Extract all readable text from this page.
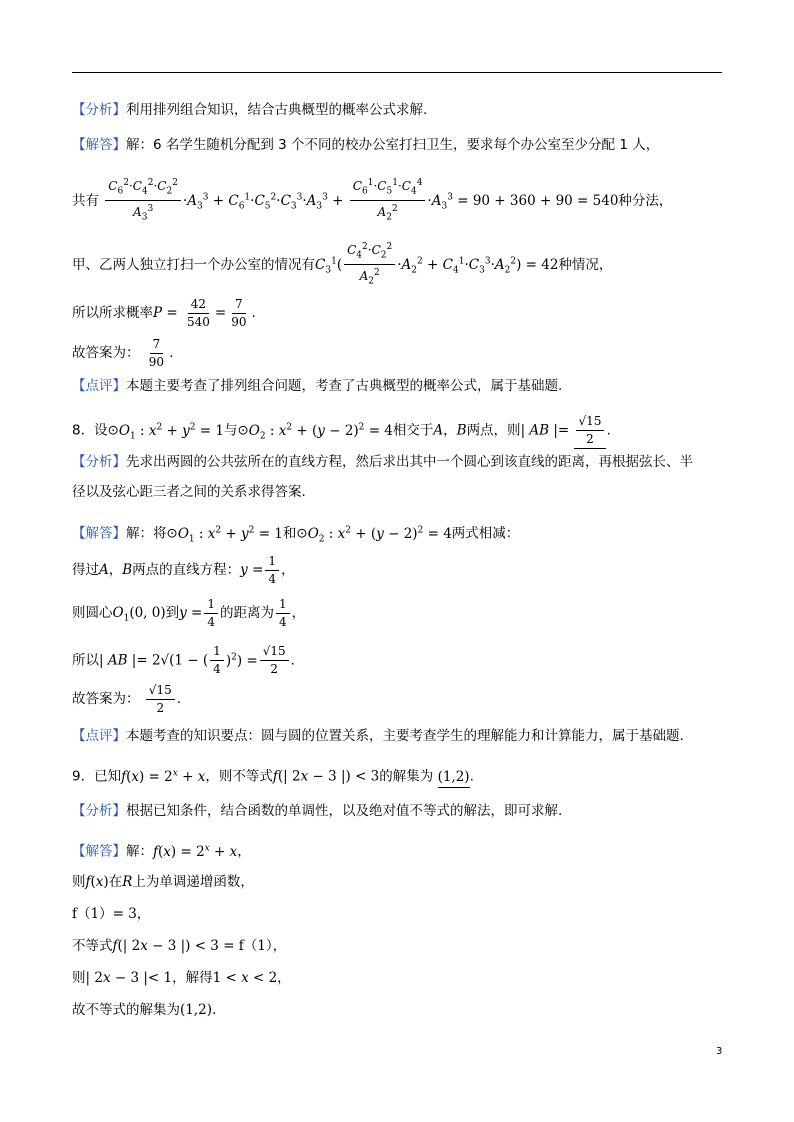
【分析】利用排列组合知识，结合古典概型的概率公式求解.
【解答】解：6 名学生随机分配到 3 个不同的校办公室打扫卫生，要求每个办公室至少分配 1 人，
共有 $\frac{C_6^2\cdot C_4^2\cdot C_2^2}{A_3^3} \cdot A_3^3 + C_6^1\cdot C_5^2\cdot C_3^3\cdot A_3^3 + \frac{C_6^1\cdot C_5^1\cdot C_4^4}{A_2^2} \cdot A_3^3 = 90 + 360 + 90 = 540$种分法，
甲、乙两人独立打扫一个办公室的情况有$C_3^1( \frac{C_4^2\cdot C_2^2}{A_2^2} \cdot A_2^2 + C_4^1\cdot C_3^3\cdot A_2^2) = 42$种情况，
所以所求概率$P = \frac{42}{540} = \frac{7}{90}$ .
故答案为： $\frac{7}{90}$ .
【点评】本题主要考查了排列组合问题，考查了古典概型的概率公式，属于基础题.
8．设$⊙O_1$ : $x^2 + y^2 = 1$与$⊙O_2$ : $x^2 + (y - 2)^2 = 4$相交于A，B两点，则| AB |= $\frac{√15}{2}$ .
【分析】先求出两圆的公共弦所在的直线方程，然后求出其中一个圆心到该直线的距离，再根据弦长、半
径以及弦心距三者之间的关系求得答案.
【解答】解：将$⊙O_1$ : $x^2 + y^2 = 1$和$⊙O_2$ : $x^2 + (y - 2)^2 = 4$两式相减：
得过A，B两点的直线方程：$y = \frac{1}{4}$ ，
则圆心$O_1(0$, 0)到$y = \frac{1}{4}$ 的距离为 $\frac{1}{4}$ ，
所以| AB |= 2√(1 − ( $\frac{1}{4} )^2) = \frac{√15}{2}$ .
故答案为： $\frac{√15}{2}$ .
【点评】本题考查的知识要点：圆与圆的位置关系，主要考查学生的理解能力和计算能力，属于基础题.
9．已知$f(x) = 2^x + x$，则不等式f(| 2x − 3 |) < 3的解集为 (1,2).
【分析】根据已知条件，结合函数的单调性，以及绝对值不等式的解法，即可求解.
【解答】解：$f(x) = 2^x + x$，
则f(x)在R上为单调递增函数，
f（1）= 3，
不等式f(| 2x − 3 |) < 3 = f（1），
则| 2x − 3 |< 1，解得1 < x < 2，
故不等式的解集为(1,2).
3
